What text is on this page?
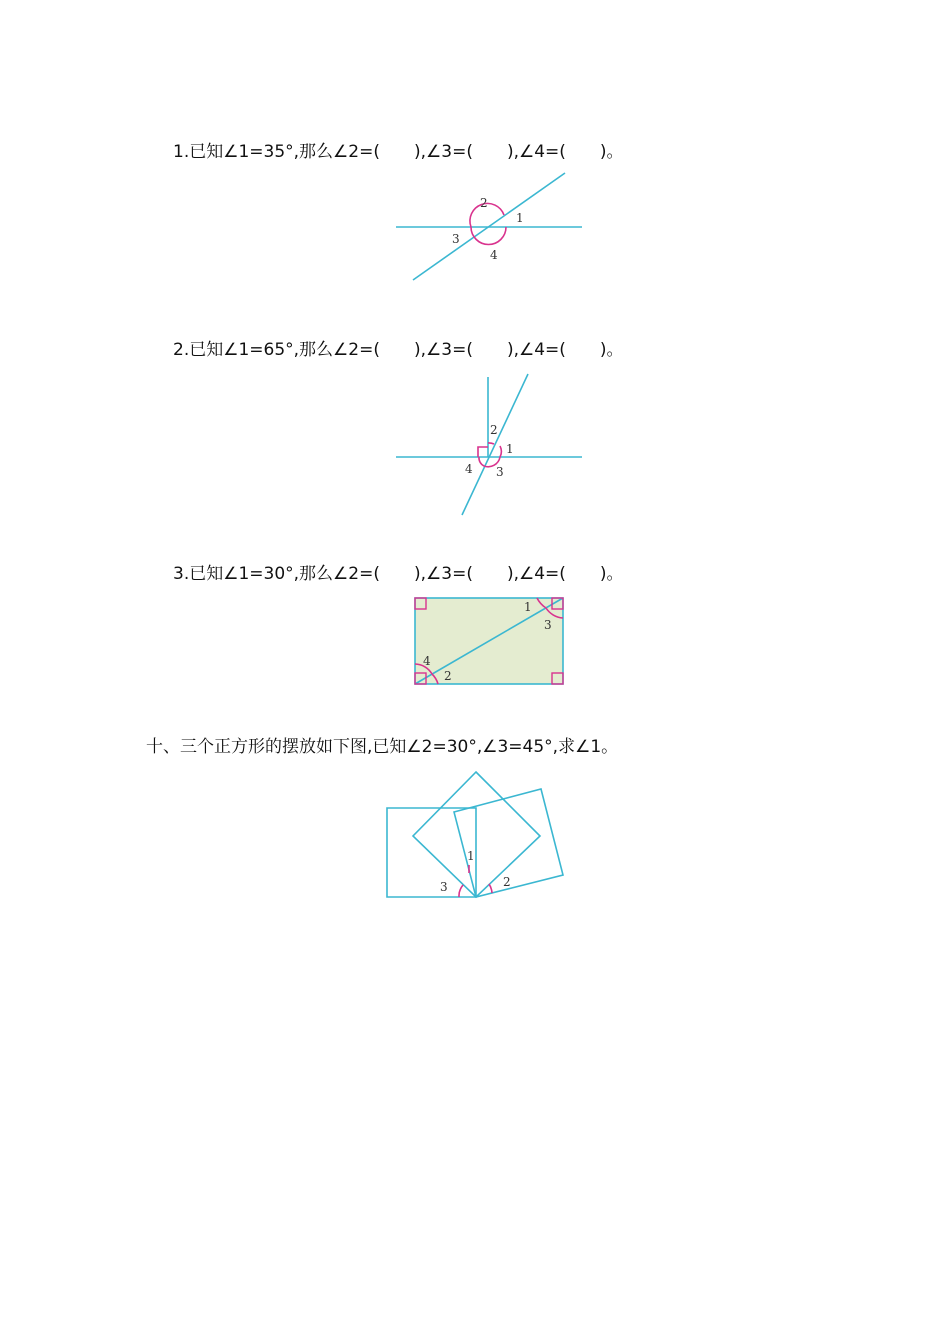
1.已知∠1=35°,那么∠2=(　　),∠3=(　　),∠4=(　　)。
1
2
3
4
2.已知∠1=65°,那么∠2=(　　),∠3=(　　),∠4=(　　)。
1
2
3
4
3.已知∠1=30°,那么∠2=(　　),∠3=(　　),∠4=(　　)。
1
2
3
4
十、三个正方形的摆放如下图,已知∠2=30°,∠3=45°,求∠1。
1
2
3
